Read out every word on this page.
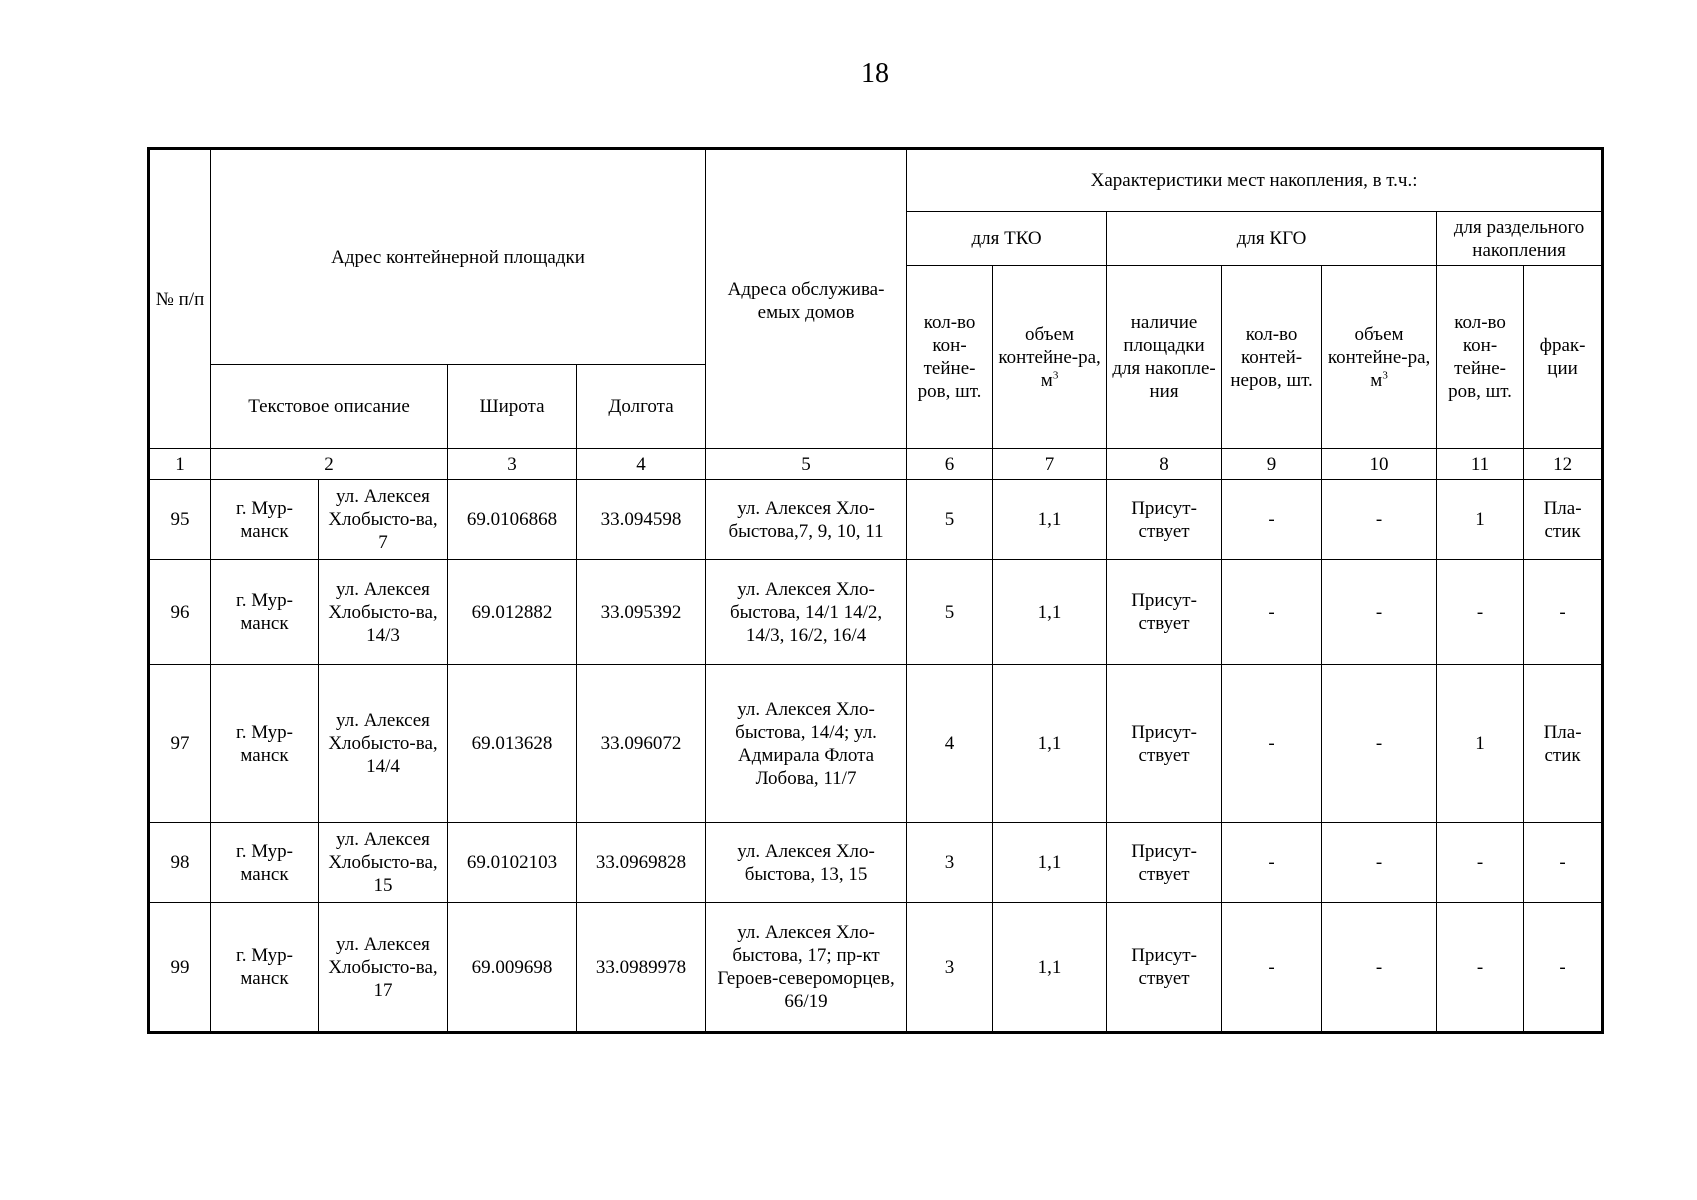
18
№ п/п	Адрес контейнерной площадки				Адреса обслужива-емых домов	Характеристики мест накопления, в т.ч.:						
						для ТКО		для КГО			для раздельного накопления	
						кол-во кон-тейне-ров, шт.	объем контейне-ра, $м^3$	наличие площадки для накопле-ния	кол-во контей-неров, шт.	объем контейне-ра, $м^3$	кол-во кон-тейне-ров, шт.	фрак-ции
	Текстовое описание		Широта	Долгота								
1	2		3	4	5	6	7	8	9	10	11	12
95	г. Мур-манск	ул. Алексея Хлобысто-ва, 7	69.0106868	33.094598	ул. Алексея Хло-быстова,7, 9, 10, 11	5	1,1	Присут-ствует	-	-	1	Пла-стик
96	г. Мур-манск	ул. Алексея Хлобысто-ва, 14/3	69.012882	33.095392	ул. Алексея Хло-быстова, 14/1 14/2, 14/3, 16/2, 16/4	5	1,1	Присут-ствует	-	-	-	-
97	г. Мур-манск	ул. Алексея Хлобысто-ва, 14/4	69.013628	33.096072	ул. Алексея Хло-быстова, 14/4; ул. Адмирала Флота Лобова, 11/7	4	1,1	Присут-ствует	-	-	1	Пла-стик
98	г. Мур-манск	ул. Алексея Хлобысто-ва, 15	69.0102103	33.0969828	ул. Алексея Хло-быстова, 13, 15	3	1,1	Присут-ствует	-	-	-	-
99	г. Мур-манск	ул. Алексея Хлобысто-ва, 17	69.009698	33.0989978	ул. Алексея Хло-быстова, 17; пр-кт Героев-североморцев, 66/19	3	1,1	Присут-ствует	-	-	-	-
